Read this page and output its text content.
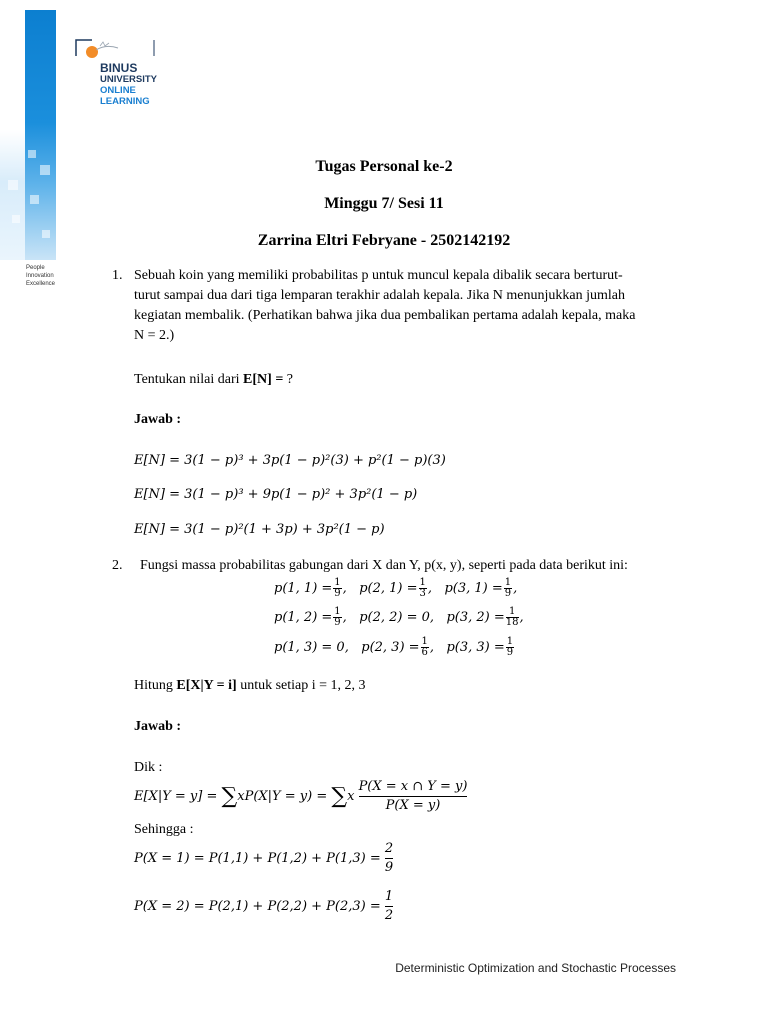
People
Innovation
Excellence
BINUS
UNIVERSITY
ONLINE
LEARNING
Tugas Personal ke-2
Minggu 7/ Sesi 11
Zarrina Eltri Febryane - 2502142192
1. Sebuah koin yang memiliki probabilitas p untuk muncul kepala dibalik secara berturut-
turut sampai dua dari tiga lemparan terakhir adalah kepala. Jika N menunjukkan jumlah
kegiatan membalik. (Perhatikan bahwa jika dua pembalikan pertama adalah kepala, maka
N = 2.)
Tentukan nilai dari E[N] = ?
Jawab :
E[N] = 3(1 − p)³ + 3p(1 − p)²(3) + p²(1 − p)(3)
E[N] = 3(1 − p)³ + 9p(1 − p)² + 3p²(1 − p)
E[N] = 3(1 − p)²(1 + 3p) + 3p²(1 − p)
2. Fungsi massa probabilitas gabungan dari X dan Y, p(x, y), seperti pada data berikut ini:
p(1, $1) = \frac{1}{9}$ , p(2, $1) = \frac{1}{3}$ , p(3, $1) = \frac{1}{9}$ ,
p(1, $2) = \frac{1}{9}$ , p(2, 2) = 0, p(3, $2) = \frac{1}{18}$ ,
p(1, 3) = 0, p(2, $3) = \frac{1}{6}$ , p(3, $3) = \frac{1}{9}$
Hitung E[X|Y = i] untuk setiap i = 1, 2, 3
Jawab :
Dik :
$E[X|Y = y] = \sum xP(X|Y = y) = \sum x \frac{P(X = x \cap Y = y)}{P(X = y)}$
Sehingga :
$P(X = 1) = P(1,1) + P(1,2) + P(1,3) = \frac{2}{9}$
$P(X = 2) = P(2,1) + P(2,2) + P(2,3) = \frac{1}{2}$
Deterministic Optimization and Stochastic Processes
